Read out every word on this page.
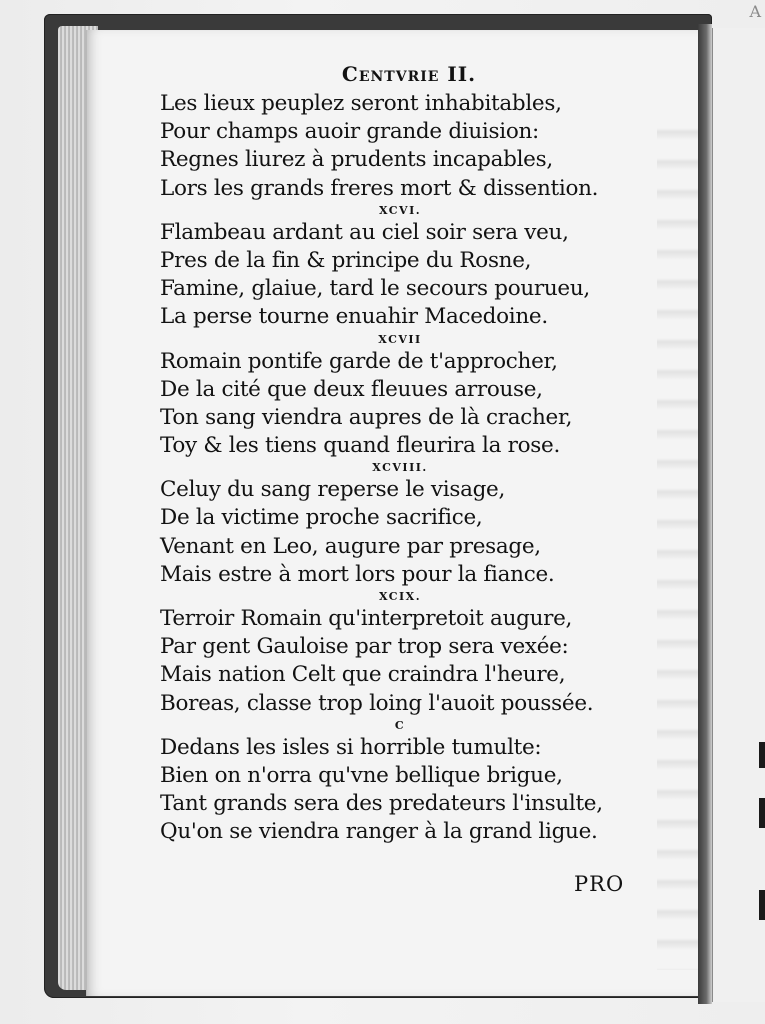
A
Centvrie II.
Les lieux peuplez seront inhabitables,
Pour champs auoir grande diuision:
Regnes liurez à prudents incapables,
Lors les grands freres mort & dissention.
XCVI.
Flambeau ardant au ciel soir sera veu,
Pres de la fin & principe du Rosne,
Famine, glaiue, tard le secours pourueu,
La perse tourne enuahir Macedoine.
XCVII
Romain pontife garde de t'approcher,
De la cité que deux fleuues arrouse,
Ton sang viendra aupres de là cracher,
Toy & les tiens quand fleurira la rose.
XCVIII.
Celuy du sang reperse le visage,
De la victime proche sacrifice,
Venant en Leo, augure par presage,
Mais estre à mort lors pour la fiance.
XCIX.
Terroir Romain qu'interpretoit augure,
Par gent Gauloise par trop sera vexée:
Mais nation Celt que craindra l'heure,
Boreas, classe trop loing l'auoit poussée.
C
Dedans les isles si horrible tumulte:
Bien on n'orra qu'vne bellique brigue,
Tant grands sera des predateurs l'insulte,
Qu'on se viendra ranger à la grand ligue.
PRO
